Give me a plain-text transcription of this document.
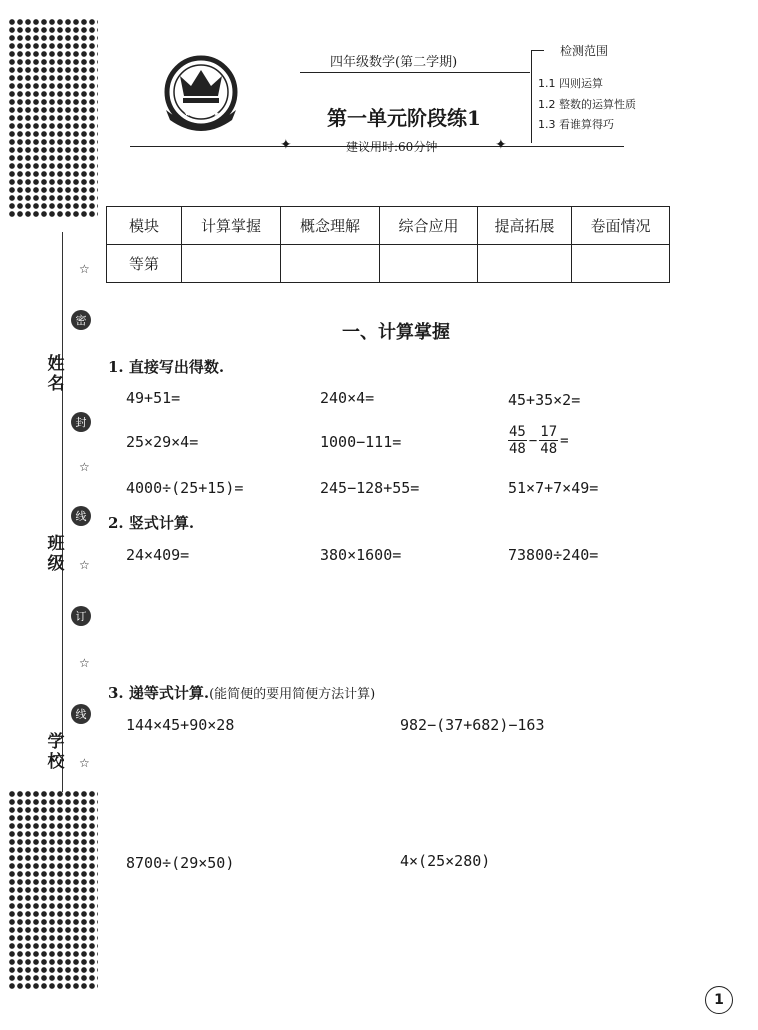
☆
密
姓名
封
☆
线
班级 ☆
订
☆
线
学校 ☆
★★★★★
四年级数学(第二学期)
第一单元阶段练1
✦	✦
建议用时:60分钟
检测范围
1.1 四则运算
1.2 整数的运算性质
1.3 看谁算得巧
模块	计算掌握	概念理解	综合应用	提高拓展	卷面情况
等第					
一、计算掌握
1. 直接写出得数.
49+51=	240×4=	45+35×2=
25×29×4=	1000−111=	$\frac{45}{48} - \frac{17}{48}$ =
4000÷(25+15)=	245−128+55=	51×7+7×49=
2. 竖式计算.
24×409=	380×1600=	73800÷240=
3. 递等式计算.(能简便的要用简便方法计算)
144×45+90×28	982−(37+682)−163
8700÷(29×50)	4×(25×280)
1
